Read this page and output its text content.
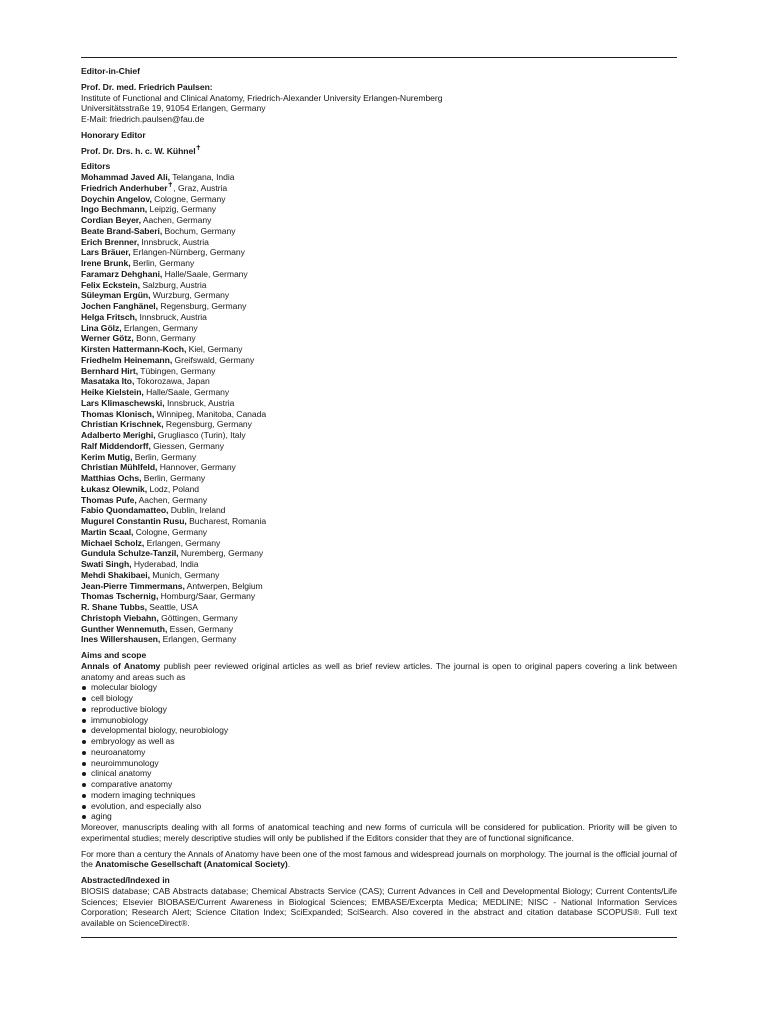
Editor-in-Chief

Prof. Dr. med. Friedrich Paulsen:

Institute of Functional and Clinical Anatomy, Friedrich-Alexander University Erlangen-Nuremberg

Universitätsstraße 19, 91054 Erlangen, Germany

E-Mail: friedrich.paulsen@fau.de

Honorary Editor

Prof. Dr. Drs. h. c. W. Kühnel✝

Editors

Mohammad Javed Ali, Telangana, India
Friedrich Anderhuber✝, Graz, Austria
Doychin Angelov, Cologne, Germany
Ingo Bechmann, Leipzig, Germany
Cordian Beyer, Aachen, Germany
Beate Brand-Saberi, Bochum, Germany
Erich Brenner, Innsbruck, Austria
Lars Bräuer, Erlangen-Nürnberg, Germany
Irene Brunk, Berlin, Germany
Faramarz Dehghani, Halle/Saale, Germany
Felix Eckstein, Salzburg, Austria
Süleyman Ergün, Wurzburg, Germany
Jochen Fanghänel, Regensburg, Germany
Helga Fritsch, Innsbruck, Austria
Lina Gölz, Erlangen, Germany
Werner Götz, Bonn, Germany
Kirsten Hattermann-Koch, Kiel, Germany
Friedhelm Heinemann, Greifswald, Germany
Bernhard Hirt, Tübingen, Germany
Masataka Ito, Tokorozawa, Japan
Heike Kielstein, Halle/Saale, Germany
Lars Klimaschewski, Innsbruck, Austria
Thomas Klonisch, Winnipeg, Manitoba, Canada
Christian Krischnek, Regensburg, Germany
Adalberto Merighi, Grugliasco (Turin), Italy
Ralf Middendorff, Giessen, Germany
Kerim Mutig, Berlin, Germany
Christian Mühlfeld, Hannover, Germany
Matthias Ochs, Berlin, Germany
Łukasz Olewnik, Lodz, Poland
Thomas Pufe, Aachen, Germany
Fabio Quondamatteo, Dublin, Ireland
Mugurel Constantin Rusu, Bucharest, Romania
Martin Scaal, Cologne, Germany
Michael Scholz, Erlangen, Germany
Gundula Schulze-Tanzil, Nuremberg, Germany
Swati Singh, Hyderabad, India
Mehdi Shakibaei, Munich, Germany
Jean-Pierre Timmermans, Antwerpen, Belgium
Thomas Tschernig, Homburg/Saar, Germany
R. Shane Tubbs, Seattle, USA
Christoph Viebahn, Göttingen, Germany
Gunther Wennemuth, Essen, Germany
Ines Willershausen, Erlangen, Germany

Aims and scope

Annals of Anatomy publish peer reviewed original articles as well as brief review articles. The journal is open to original papers covering a link between anatomy and areas such as

molecular biology
cell biology
reproductive biology
immunobiology
developmental biology, neurobiology
embryology as well as
neuroanatomy
neuroimmunology
clinical anatomy
comparative anatomy
modern imaging techniques
evolution, and especially also
aging

Moreover, manuscripts dealing with all forms of anatomical teaching and new forms of curricula will be considered for publication. Priority will be given to experimental studies; merely descriptive studies will only be published if the Editors consider that they are of functional significance.

For more than a century the Annals of Anatomy have been one of the most famous and widespread journals on morphology. The journal is the official journal of the Anatomische Gesellschaft (Anatomical Society).

Abstracted/Indexed in

BIOSIS database; CAB Abstracts database; Chemical Abstracts Service (CAS); Current Advances in Cell and Developmental Biology; Current Contents/Life Sciences; Elsevier BIOBASE/Current Awareness in Biological Sciences; EMBASE/Excerpta Medica; MEDLINE; NISC - National Information Services Corporation; Research Alert; Science Citation Index; SciExpanded; SciSearch. Also covered in the abstract and citation database SCOPUS®. Full text available on ScienceDirect®.
